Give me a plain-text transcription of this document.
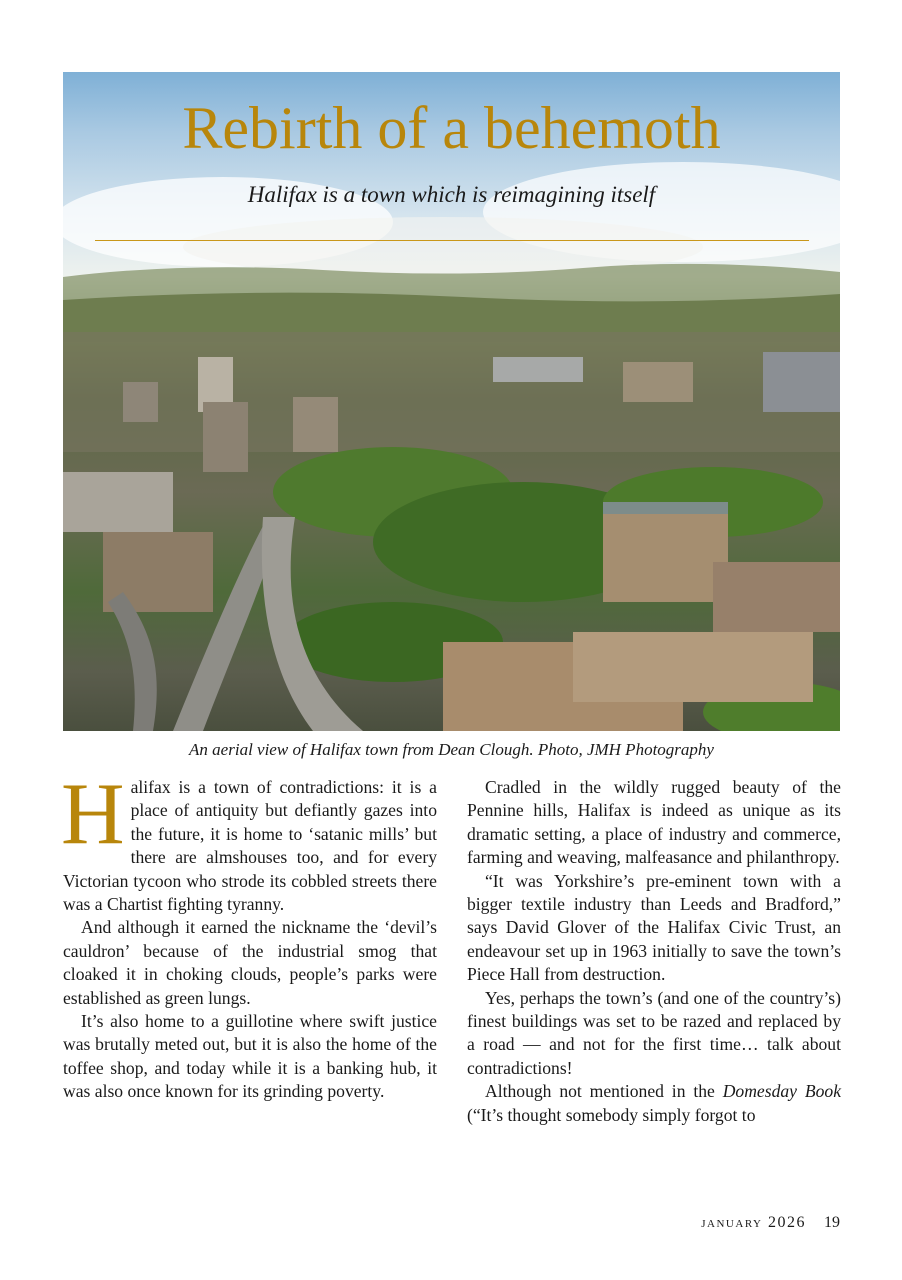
Rebirth of a behemoth

Halifax is a town which is reimagining itself

An aerial view of Halifax town from Dean Clough. Photo, JMH Photography

Halifax is a town of contradictions: it is a place of antiquity but defiantly gazes into the future, it is home to ‘satanic mills’ but there are almshouses too, and for every Victorian tycoon who strode its cobbled streets there was a Chartist fighting tyranny.

And although it earned the nickname the ‘devil’s cauldron’ because of the industrial smog that cloaked it in choking clouds, people’s parks were established as green lungs.

It’s also home to a guillotine where swift justice was brutally meted out, but it is also the home of the toffee shop, and today while it is a banking hub, it was also once known for its grinding poverty.

Cradled in the wildly rugged beauty of the Pennine hills, Halifax is indeed as unique as its dramatic setting, a place of industry and commerce, farming and weaving, malfeasance and philanthropy.

“It was Yorkshire’s pre-eminent town with a bigger textile industry than Leeds and Bradford,” says David Glover of the Halifax Civic Trust, an endeavour set up in 1963 initially to save the town’s Piece Hall from destruction.

Yes, perhaps the town’s (and one of the country’s) finest buildings was set to be razed and replaced by a road — and not for the first time… talk about contradictions!

Although not mentioned in the Domesday Book (“It’s thought somebody simply forgot to

january 2026 19
